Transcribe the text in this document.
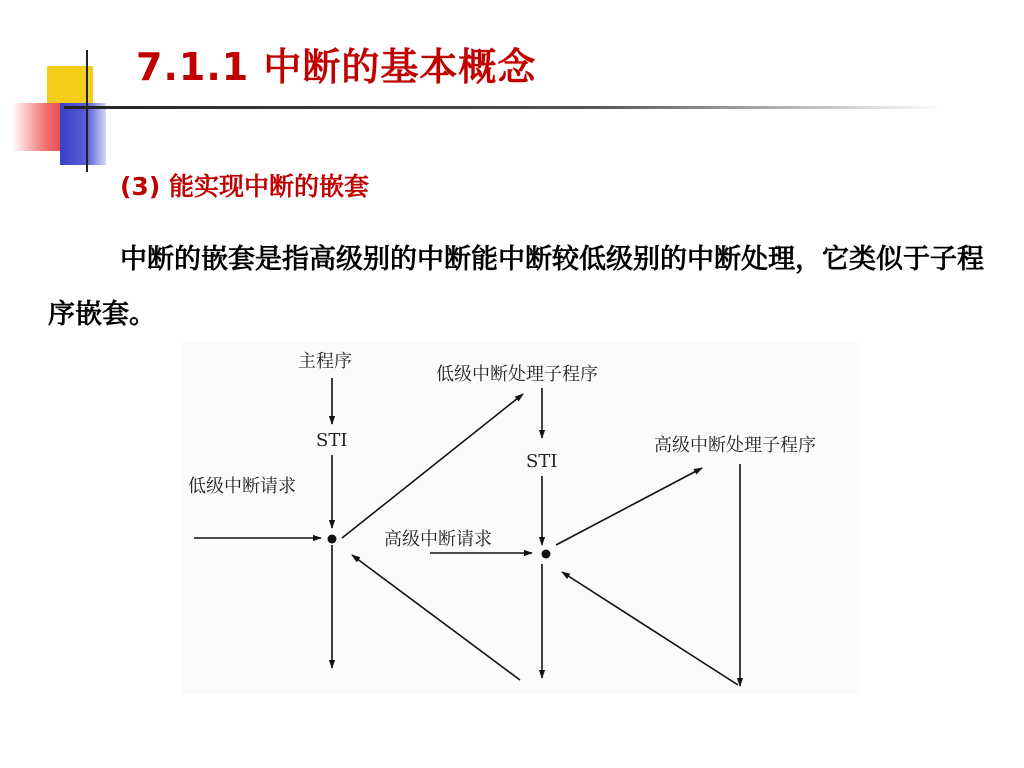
7.1.1 中断的基本概念
(3) 能实现中断的嵌套

中断的嵌套是指高级别的中断能中断较低级别的中断处理，它类似于子程序嵌套。

主程序
STI
低级中断请求
低级中断处理子程序
STI
高级中断处理子程序
高级中断请求
